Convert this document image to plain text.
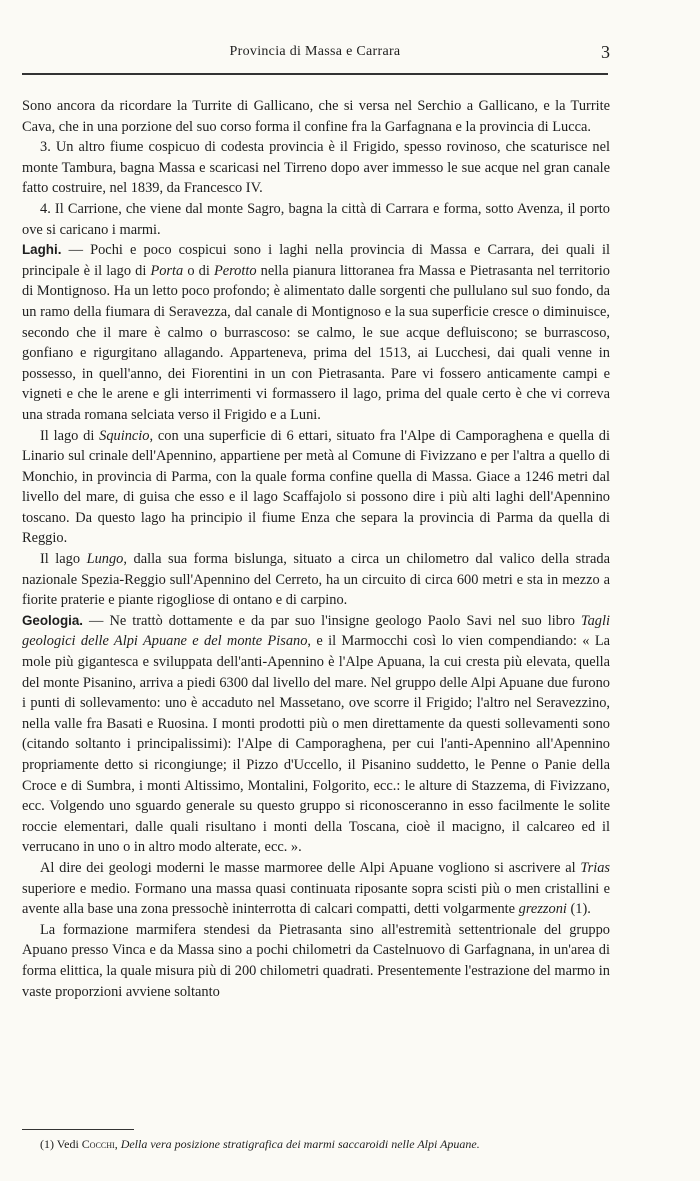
Provincia di Massa e Carrara	3

Sono ancora da ricordare la Turrite di Gallicano, che si versa nel Serchio a Gallicano, e la Turrite Cava, che in una porzione del suo corso forma il confine fra la Garfagnana e la provincia di Lucca.

3. Un altro fiume cospicuo di codesta provincia è il Frigido, spesso rovinoso, che scaturisce nel monte Tambura, bagna Massa e scaricasi nel Tirreno dopo aver immesso le sue acque nel gran canale fatto costruire, nel 1839, da Francesco IV.

4. Il Carrione, che viene dal monte Sagro, bagna la città di Carrara e forma, sotto Avenza, il porto ove si caricano i marmi.

Laghi. — Pochi e poco cospicui sono i laghi nella provincia di Massa e Carrara, dei quali il principale è il lago di Porta o di Perotto nella pianura littoranea fra Massa e Pietrasanta nel territorio di Montignoso. Ha un letto poco profondo; è alimentato dalle sorgenti che pullulano sul suo fondo, da un ramo della fiumara di Seravezza, dal canale di Montignoso e la sua superficie cresce o diminuisce, secondo che il mare è calmo o burrascoso: se calmo, le sue acque defluiscono; se burrascoso, gonfiano e rigurgitano allagando. Apparteneva, prima del 1513, ai Lucchesi, dai quali venne in possesso, in quell'anno, dei Fiorentini in un con Pietrasanta. Pare vi fossero anticamente campi e vigneti e che le arene e gli interrimenti vi formassero il lago, prima del quale certo è che vi correva una strada romana selciata verso il Frigido e a Luni.

Il lago di Squincio, con una superficie di 6 ettari, situato fra l'Alpe di Camporaghena e quella di Linario sul crinale dell'Apennino, appartiene per metà al Comune di Fivizzano e per l'altra a quello di Monchio, in provincia di Parma, con la quale forma confine quella di Massa. Giace a 1246 metri dal livello del mare, di guisa che esso e il lago Scaffajolo si possono dire i più alti laghi dell'Apennino toscano. Da questo lago ha principio il fiume Enza che separa la provincia di Parma da quella di Reggio.

Il lago Lungo, dalla sua forma bislunga, situato a circa un chilometro dal valico della strada nazionale Spezia-Reggio sull'Apennino del Cerreto, ha un circuito di circa 600 metri e sta in mezzo a fiorite praterie e piante rigogliose di ontano e di carpino.

Geologia. — Ne trattò dottamente e da par suo l'insigne geologo Paolo Savi nel suo libro Tagli geologici delle Alpi Apuane e del monte Pisano, e il Marmocchi così lo vien compendiando: « La mole più gigantesca e sviluppata dell'anti-Apennino è l'Alpe Apuana, la cui cresta più elevata, quella del monte Pisanino, arriva a piedi 6300 dal livello del mare. Nel gruppo delle Alpi Apuane due furono i punti di sollevamento: uno è accaduto nel Massetano, ove scorre il Frigido; l'altro nel Seravezzino, nella valle fra Basati e Ruosina. I monti prodotti più o men direttamente da questi sollevamenti sono (citando soltanto i principalissimi): l'Alpe di Camporaghena, per cui l'anti-Apennino all'Apennino propriamente detto si ricongiunge; il Pizzo d'Uccello, il Pisanino suddetto, le Penne o Panie della Croce e di Sumbra, i monti Altissimo, Montalini, Folgorito, ecc.: le alture di Stazzema, di Fivizzano, ecc. Volgendo uno sguardo generale su questo gruppo si riconosceranno in esso facilmente le solite roccie elementari, dalle quali risultano i monti della Toscana, cioè il macigno, il calcareo ed il verrucano in uno o in altro modo alterate, ecc. ».

Al dire dei geologi moderni le masse marmoree delle Alpi Apuane vogliono si ascrivere al Trias superiore e medio. Formano una massa quasi continuata riposante sopra scisti più o men cristallini e avente alla base una zona pressochè ininterrotta di calcari compatti, detti volgarmente grezzoni (1).

La formazione marmifera stendesi da Pietrasanta sino all'estremità settentrionale del gruppo Apuano presso Vinca e da Massa sino a pochi chilometri da Castelnuovo di Garfagnana, in un'area di forma elittica, la quale misura più di 200 chilometri quadrati. Presentemente l'estrazione del marmo in vaste proporzioni avviene soltanto

(1) Vedi Cocchi, Della vera posizione stratigrafica dei marmi saccaroidi nelle Alpi Apuane.
